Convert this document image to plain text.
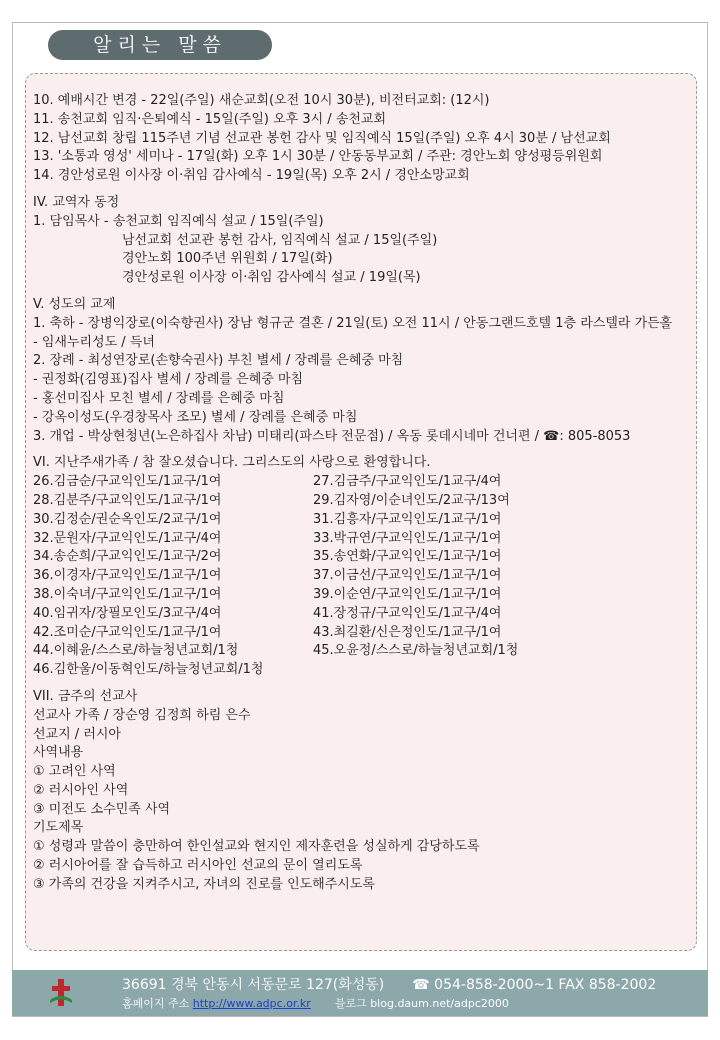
알리는 말씀
10. 예배시간 변경 - 22일(주일) 새순교회(오전 10시 30분), 비전터교회: (12시)
11. 송천교회 임직·은퇴예식 - 15일(주일) 오후 3시 / 송천교회
12. 남선교회 창립 115주년 기념 선교관 봉헌 감사 및 임직예식 15일(주일) 오후 4시 30분 / 남선교회
13. '소통과 영성' 세미나 - 17일(화) 오후 1시 30분 / 안동동부교회 / 주관: 경안노회 양성평등위원회
14. 경안성로원 이사장 이·취임 감사예식 - 19일(목) 오후 2시 / 경안소망교회
IV. 교역자 동정
1. 담임목사 - 송천교회 임직예식 설교 / 15일(주일)
남선교회 선교관 봉헌 감사, 임직예식 설교 / 15일(주일)
경안노회 100주년 위원회 / 17일(화)
경안성로원 이사장 이·취임 감사예식 설교 / 19일(목)
V. 성도의 교제
1. 축하 - 장병익장로(이숙향권사) 장남 형규군 결혼 / 21일(토) 오전 11시 / 안동그랜드호텔 1층 라스텔라 가든홀
- 임새누리성도 / 득녀
2. 장례 - 최성연장로(손향숙권사) 부친 별세 / 장례를 은혜중 마침
- 권정화(김영표)집사 별세 / 장례를 은혜중 마침
- 홍선미집사 모친 별세 / 장례를 은혜중 마침
- 강옥이성도(우경창목사 조모) 별세 / 장례를 은혜중 마침
3. 개업 - 박상현청년(노은하집사 차남) 미태리(파스타 전문점) / 옥동 롯데시네마 건너편 / ☎: 805-8053
VI. 지난주새가족 / 참 잘오셨습니다. 그리스도의 사랑으로 환영합니다.
26.김금순/구교익인도/1교구/1여	27.김금주/구교익인도/1교구/4여
28.김분주/구교익인도/1교구/1여	29.김자영/이순녀인도/2교구/13여
30.김정순/권순옥인도/2교구/1여	31.김흥자/구교익인도/1교구/1여
32.문원자/구교익인도/1교구/4여	33.박규연/구교익인도/1교구/1여
34.송순희/구교익인도/1교구/2여	35.송연화/구교익인도/1교구/1여
36.이경자/구교익인도/1교구/1여	37.이금선/구교익인도/1교구/1여
38.이숙녀/구교익인도/1교구/1여	39.이순연/구교익인도/1교구/1여
40.임귀자/장필모인도/3교구/4여	41.장정규/구교익인도/1교구/4여
42.조미순/구교익인도/1교구/1여	43.최길환/신은정인도/1교구/1여
44.이혜윤/스스로/하늘청년교회/1청	45.오윤정/스스로/하늘청년교회/1청
46.김한울/이동혁인도/하늘청년교회/1청
VII. 금주의 선교사
선교사 가족 / 장순영 김정희 하림 은수
선교지 / 러시아
사역내용
① 고려인 사역
② 러시아인 사역
③ 미전도 소수민족 사역
기도제목
① 성령과 말씀이 충만하여 한인설교와 현지인 제자훈련을 성실하게 감당하도록
② 러시아어를 잘 습득하고 러시아인 선교의 문이 열리도록
③ 가족의 건강을 지켜주시고, 자녀의 진로를 인도해주시도록
36691 경북 안동시 서동문로 127(화성동) ☎ 054-858-2000~1 FAX 858-2002
홈페이지 주소 http://www.adpc.or.kr 블로그 blog.daum.net/adpc2000
